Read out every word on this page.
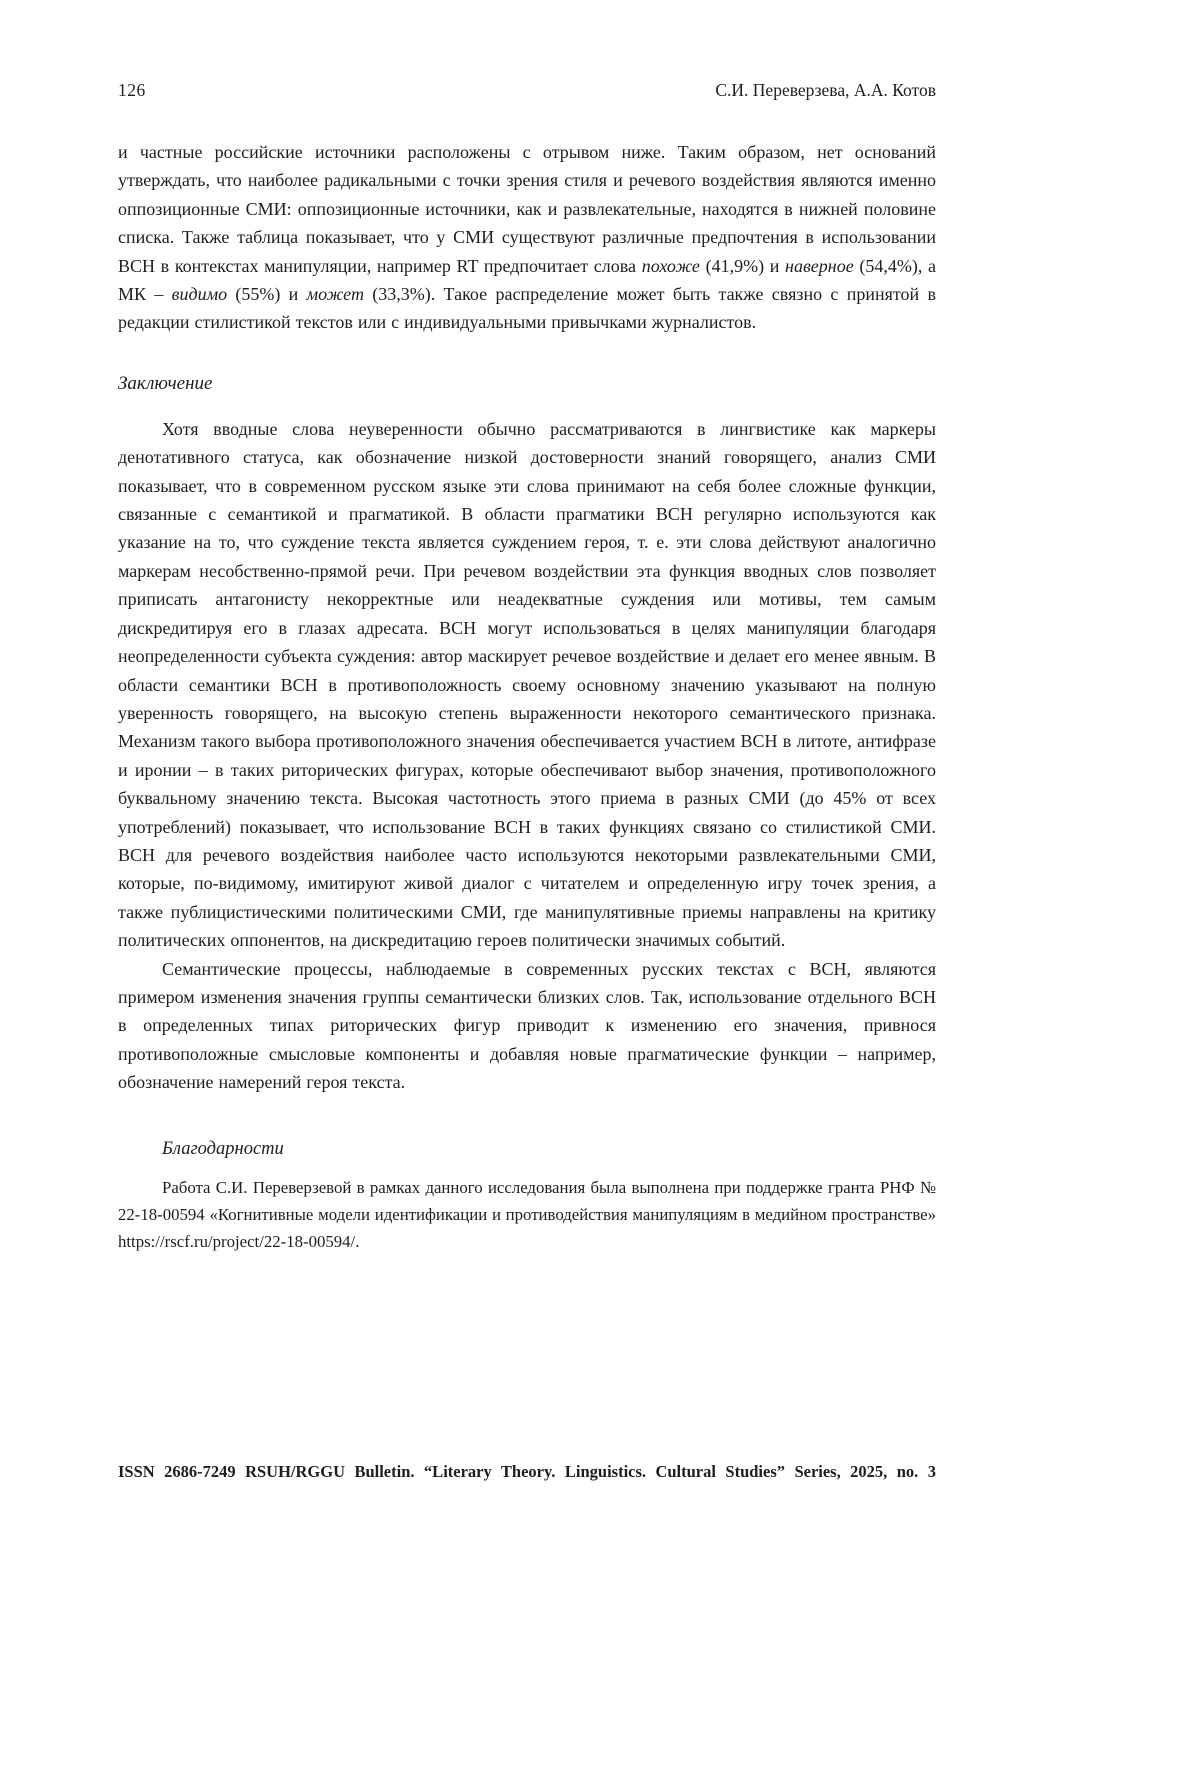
126	С.И. Переверзева, А.А. Котов

и частные российские источники расположены с отрывом ниже. Таким образом, нет оснований утверждать, что наиболее радикальными с точки зрения стиля и речевого воздействия являются именно оппозиционные СМИ: оппозиционные источники, как и развлекательные, находятся в нижней половине списка. Также таблица показывает, что у СМИ существуют различные предпочтения в использовании ВСН в контекстах манипуляции, например RT предпочитает слова похоже (41,9%) и наверное (54,4%), а МК – видимо (55%) и может (33,3%). Такое распределение может быть также связно с принятой в редакции стилистикой текстов или с индивидуальными привычками журналистов.

Заключение

Хотя вводные слова неуверенности обычно рассматриваются в лингвистике как маркеры денотативного статуса, как обозначение низкой достоверности знаний говорящего, анализ СМИ показывает, что в современном русском языке эти слова принимают на себя более сложные функции, связанные с семантикой и прагматикой. В области прагматики ВСН регулярно используются как указание на то, что суждение текста является суждением героя, т. е. эти слова действуют аналогично маркерам несобственно-прямой речи. При речевом воздействии эта функция вводных слов позволяет приписать антагонисту некорректные или неадекватные суждения или мотивы, тем самым дискредитируя его в глазах адресата. ВСН могут использоваться в целях манипуляции благодаря неопределенности субъекта суждения: автор маскирует речевое воздействие и делает его менее явным. В области семантики ВСН в противоположность своему основному значению указывают на полную уверенность говорящего, на высокую степень выраженности некоторого семантического признака. Механизм такого выбора противоположного значения обеспечивается участием ВСН в литоте, антифразе и иронии – в таких риторических фигурах, которые обеспечивают выбор значения, противоположного буквальному значению текста. Высокая частотность этого приема в разных СМИ (до 45% от всех употреблений) показывает, что использование ВСН в таких функциях связано со стилистикой СМИ. ВСН для речевого воздействия наиболее часто используются некоторыми развлекательными СМИ, которые, по-видимому, имитируют живой диалог с читателем и определенную игру точек зрения, а также публицистическими политическими СМИ, где манипулятивные приемы направлены на критику политических оппонентов, на дискредитацию героев политически значимых событий.

Семантические процессы, наблюдаемые в современных русских текстах с ВСН, являются примером изменения значения группы семантически близких слов. Так, использование отдельного ВСН в определенных типах риторических фигур приводит к изменению его значения, привнося противоположные смысловые компоненты и добавляя новые прагматические функции – например, обозначение намерений героя текста.

Благодарности

Работа С.И. Переверзевой в рамках данного исследования была выполнена при поддержке гранта РНФ № 22-18-00594 «Когнитивные модели идентификации и противодействия манипуляциям в медийном пространстве» https://rscf.ru/project/22-18-00594/.

ISSN 2686-7249 RSUH/RGGU Bulletin. “Literary Theory. Linguistics. Cultural Studies” Series, 2025, no. 3
